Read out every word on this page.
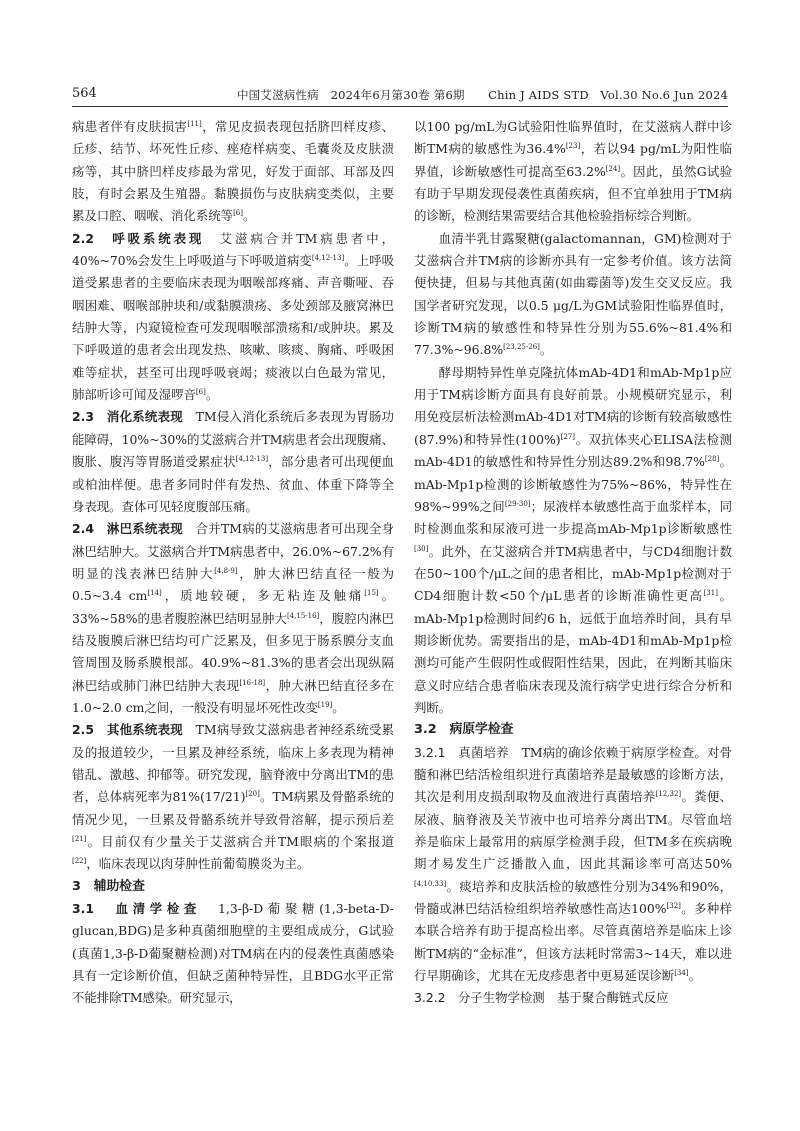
564	中国艾滋病性病　2024年6月第30卷 第6期　　Chin J AIDS STD　Vol.30 No.6 Jun 2024

病患者伴有皮肤损害[11]，常见皮损表现包括脐凹样皮疹、丘疹、结节、坏死性丘疹、痤疮样病变、毛囊炎及皮肤溃疡等，其中脐凹样皮疹最为常见，好发于面部、耳部及四肢，有时会累及生殖器。黏膜损伤与皮肤病变类似，主要累及口腔、咽喉、消化系统等[6]。

2.2　呼吸系统表现　艾滋病合并TM病患者中，40%~70%会发生上呼吸道与下呼吸道病变[4,12-13]。上呼吸道受累患者的主要临床表现为咽喉部疼痛、声音嘶哑、吞咽困难、咽喉部肿块和/或黏膜溃疡、多处颈部及腋窝淋巴结肿大等，内窥镜检查可发现咽喉部溃疡和/或肿块。累及下呼吸道的患者会出现发热、咳嗽、咳痰、胸痛、呼吸困难等症状，甚至可出现呼吸衰竭；痰液以白色最为常见，肺部听诊可闻及湿啰音[6]。

2.3　消化系统表现　TM侵入消化系统后多表现为胃肠功能障碍，10%~30%的艾滋病合并TM病患者会出现腹痛、腹胀、腹泻等胃肠道受累症状[4,12-13]，部分患者可出现便血或柏油样便。患者多同时伴有发热、贫血、体重下降等全身表现。查体可见轻度腹部压痛。

2.4　淋巴系统表现　合并TM病的艾滋病患者可出现全身淋巴结肿大。艾滋病合并TM病患者中，26.0%~67.2%有明显的浅表淋巴结肿大[4,8-9]，肿大淋巴结直径一般为0.5~3.4 cm[14]，质地较硬，多无粘连及触痛[15]。33%~58%的患者腹腔淋巴结明显肿大[4,15-16]，腹腔内淋巴结及腹膜后淋巴结均可广泛累及，但多见于肠系膜分支血管周围及肠系膜根部。40.9%~81.3%的患者会出现纵隔淋巴结或肺门淋巴结肿大表现[16-18]，肿大淋巴结直径多在1.0~2.0 cm之间，一般没有明显坏死性改变[19]。

2.5　其他系统表现　TM病导致艾滋病患者神经系统受累及的报道较少，一旦累及神经系统，临床上多表现为精神错乱、激越、抑郁等。研究发现，脑脊液中分离出TM的患者，总体病死率为81%(17/21)[20]。TM病累及骨骼系统的情况少见，一旦累及骨骼系统并导致骨溶解，提示预后差[21]。目前仅有少量关于艾滋病合并TM眼病的个案报道[22]，临床表现以肉芽肿性前葡萄膜炎为主。

3　辅助检查

3.1　血清学检查　1,3-β-D葡聚糖(1,3-beta-D-glucan,BDG)是多种真菌细胞壁的主要组成成分，G试验(真菌1,3-β-D葡聚糖检测)对TM病在内的侵袭性真菌感染具有一定诊断价值，但缺乏菌种特异性，且BDG水平正常不能排除TM感染。研究显示，

以100 pg/mL为G试验阳性临界值时，在艾滋病人群中诊断TM病的敏感性为36.4%[23]，若以94 pg/mL为阳性临界值，诊断敏感性可提高至63.2%[24]。因此，虽然G试验有助于早期发现侵袭性真菌疾病，但不宜单独用于TM病的诊断，检测结果需要结合其他检验指标综合判断。

血清半乳甘露聚糖(galactomannan，GM)检测对于艾滋病合并TM病的诊断亦具有一定参考价值。该方法简便快捷，但易与其他真菌(如曲霉菌等)发生交叉反应。我国学者研究发现，以0.5 μg/L为GM试验阳性临界值时，诊断TM病的敏感性和特异性分别为55.6%~81.4%和77.3%~96.8%[23,25-26]。

酵母期特异性单克隆抗体mAb-4D1和mAb-Mp1p应用于TM病诊断方面具有良好前景。小规模研究显示，利用免疫层析法检测mAb-4D1对TM病的诊断有较高敏感性(87.9%)和特异性(100%)[27]。双抗体夹心ELISA法检测mAb-4D1的敏感性和特异性分别达89.2%和98.7%[28]。mAb-Mp1p检测的诊断敏感性为75%~86%，特异性在98%~99%之间[29-30]；尿液样本敏感性高于血浆样本，同时检测血浆和尿液可进一步提高mAb-Mp1p诊断敏感性[30]。此外，在艾滋病合并TM病患者中，与CD4细胞计数在50~100个/μL之间的患者相比，mAb-Mp1p检测对于CD4细胞计数<50个/μL患者的诊断准确性更高[31]。mAb-Mp1p检测时间约6 h，远低于血培养时间，具有早期诊断优势。需要指出的是，mAb-4D1和mAb-Mp1p检测均可能产生假阴性或假阳性结果，因此，在判断其临床意义时应结合患者临床表现及流行病学史进行综合分析和判断。

3.2　病原学检查

3.2.1　真菌培养　TM病的确诊依赖于病原学检查。对骨髓和淋巴结活检组织进行真菌培养是最敏感的诊断方法，其次是利用皮损刮取物及血液进行真菌培养[12,32]。粪便、尿液、脑脊液及关节液中也可培养分离出TM。尽管血培养是临床上最常用的病原学检测手段，但TM多在疾病晚期才易发生广泛播散入血，因此其漏诊率可高达50%[4,10,33]。痰培养和皮肤活检的敏感性分别为34%和90%，骨髓或淋巴结活检组织培养敏感性高达100%[32]。多种样本联合培养有助于提高检出率。尽管真菌培养是临床上诊断TM病的“金标准”，但该方法耗时常需3~14天，难以进行早期确诊，尤其在无皮疹患者中更易延误诊断[34]。

3.2.2　分子生物学检测　基于聚合酶链式反应
